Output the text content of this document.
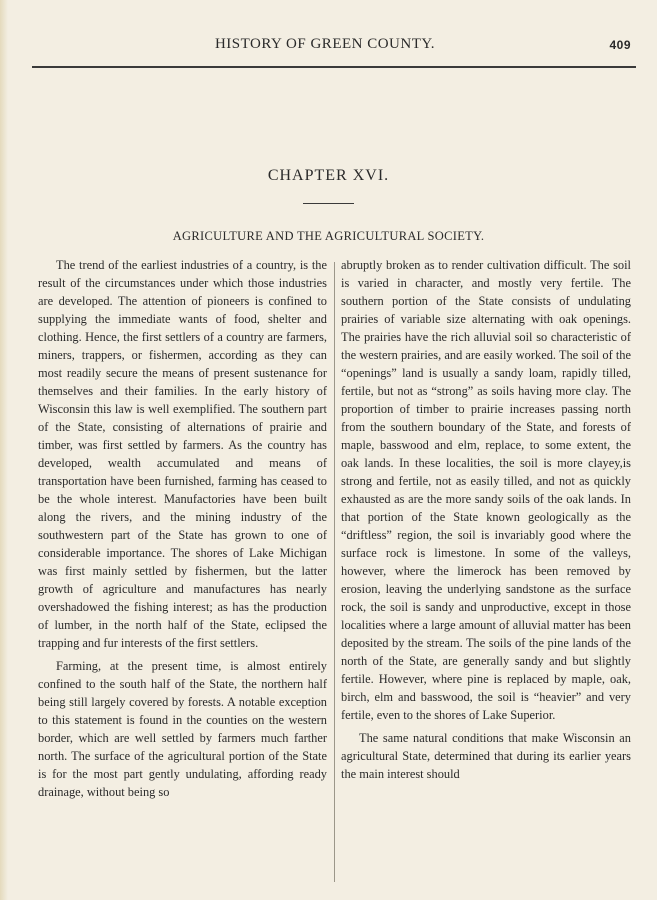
HISTORY OF GREEN COUNTY.	409
CHAPTER XVI.
AGRICULTURE AND THE AGRICULTURAL SOCIETY.

The trend of the earliest industries of a country, is the result of the circumstances under which those industries are developed. The attention of pioneers is confined to supplying the immediate wants of food, shelter and clothing. Hence, the first settlers of a country are farmers, miners, trappers, or fishermen, according as they can most readily secure the means of present sustenance for themselves and their families. In the early history of Wisconsin this law is well exemplified. The southern part of the State, consisting of alternations of prairie and timber, was first settled by farmers. As the country has developed, wealth accumulated and means of transportation have been furnished, farming has ceased to be the whole interest. Manufactories have been built along the rivers, and the mining industry of the southwestern part of the State has grown to one of considerable importance. The shores of Lake Michigan was first mainly settled by fishermen, but the latter growth of agriculture and manufactures has nearly overshadowed the fishing interest; as has the production of lumber, in the north half of the State, eclipsed the trapping and fur interests of the first settlers.

Farming, at the present time, is almost entirely confined to the south half of the State, the northern half being still largely covered by forests. A notable exception to this statement is found in the counties on the western border, which are well settled by farmers much farther north. The surface of the agricultural portion of the State is for the most part gently undulating, affording ready drainage, without being so

abruptly broken as to render cultivation difficult. The soil is varied in character, and mostly very fertile. The southern portion of the State consists of undulating prairies of variable size alternating with oak openings. The prairies have the rich alluvial soil so characteristic of the western prairies, and are easily worked. The soil of the “openings” land is usually a sandy loam, rapidly tilled, fertile, but not as “strong” as soils having more clay. The proportion of timber to prairie increases passing north from the southern boundary of the State, and forests of maple, basswood and elm, replace, to some extent, the oak lands. In these localities, the soil is more clayey,is strong and fertile, not as easily tilled, and not as quickly exhausted as are the more sandy soils of the oak lands. In that portion of the State known geologically as the “driftless” region, the soil is invariably good where the surface rock is limestone. In some of the valleys, however, where the limerock has been removed by erosion, leaving the underlying sandstone as the surface rock, the soil is sandy and unproductive, except in those localities where a large amount of alluvial matter has been deposited by the stream. The soils of the pine lands of the north of the State, are generally sandy and but slightly fertile. However, where pine is replaced by maple, oak, birch, elm and basswood, the soil is “heavier” and very fertile, even to the shores of Lake Superior.

The same natural conditions that make Wisconsin an agricultural State, determined that during its earlier years the main interest should
